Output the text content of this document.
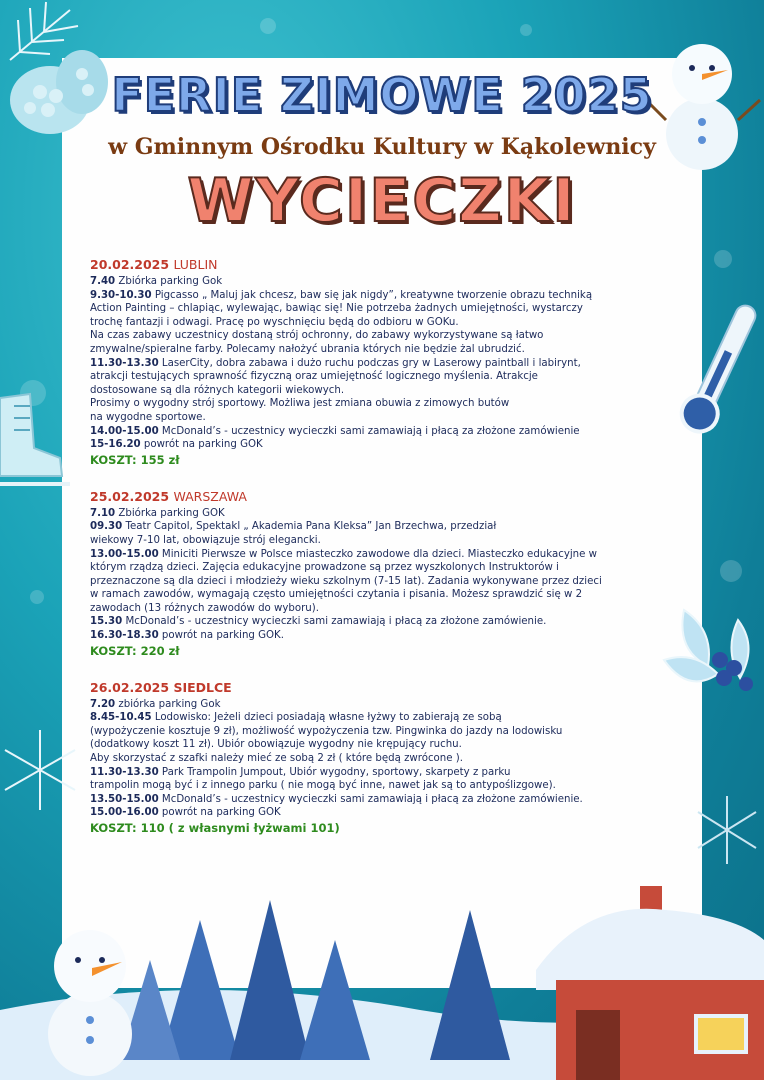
FERIE ZIMOWE 2025
w Gminnym Ośrodku Kultury w Kąkolewnicy
WYCIECZKI
20.02.2025 LUBLIN
7.40 Zbiórka parking Gok
9.30-10.30 Pigcasso „ Maluj jak chcesz, baw się jak nigdy”, kreatywne tworzenie obrazu techniką
Action Painting – chlapiąc, wylewając, bawiąc się! Nie potrzeba żadnych umiejętności, wystarczy
trochę fantazji i odwagi. Pracę po wyschnięciu będą do odbioru w GOKu.
Na czas zabawy uczestnicy dostaną strój ochronny, do zabawy wykorzystywane są łatwo
zmywalne/spieralne farby. Polecamy nałożyć ubrania których nie będzie żal ubrudzić.
11.30-13.30 LaserCity, dobra zabawa i dużo ruchu podczas gry w Laserowy paintball i labirynt,
atrakcji testujących sprawność fizyczną oraz umiejętność logicznego myślenia. Atrakcje
dostosowane są dla różnych kategorii wiekowych.
Prosimy o wygodny strój sportowy. Możliwa jest zmiana obuwia z zimowych butów
na wygodne sportowe.
14.00-15.00 McDonald’s - uczestnicy wycieczki sami zamawiają i płacą za złożone zamówienie
15-16.20 powrót na parking GOK
KOSZT: 155 zł
25.02.2025 WARSZAWA
7.10 Zbiórka parking GOK
09.30 Teatr Capitol, Spektakl „ Akademia Pana Kleksa” Jan Brzechwa, przedział
wiekowy 7-10 lat, obowiązuje strój elegancki.
13.00-15.00 Miniciti Pierwsze w Polsce miasteczko zawodowe dla dzieci. Miasteczko edukacyjne w
którym rządzą dzieci. Zajęcia edukacyjne prowadzone są przez wyszkolonych Instruktorów i
przeznaczone są dla dzieci i młodzieży wieku szkolnym (7-15 lat). Zadania wykonywane przez dzieci
w ramach zawodów, wymagają często umiejętności czytania i pisania. Możesz sprawdzić się w 2
zawodach (13 różnych zawodów do wyboru).
15.30 McDonald’s - uczestnicy wycieczki sami zamawiają i płacą za złożone zamówienie.
16.30-18.30 powrót na parking GOK.
KOSZT: 220 zł
26.02.2025 SIEDLCE
7.20 zbiórka parking Gok
8.45-10.45 Lodowisko: Jeżeli dzieci posiadają własne łyżwy to zabierają ze sobą
(wypożyczenie kosztuje 9 zł), możliwość wypożyczenia tzw. Pingwinka do jazdy na lodowisku
(dodatkowy koszt 11 zł). Ubiór obowiązuje wygodny nie krępujący ruchu.
Aby skorzystać z szafki należy mieć ze sobą 2 zł ( które będą zwrócone ).
11.30-13.30 Park Trampolin Jumpout, Ubiór wygodny, sportowy, skarpety z parku
trampolin mogą być i z innego parku ( nie mogą być inne, nawet jak są to antypoślizgowe).
13.50-15.00 McDonald’s - uczestnicy wycieczki sami zamawiają i płacą za złożone zamówienie.
15.00-16.00 powrót na parking GOK
KOSZT: 110 ( z własnymi łyżwami 101)
